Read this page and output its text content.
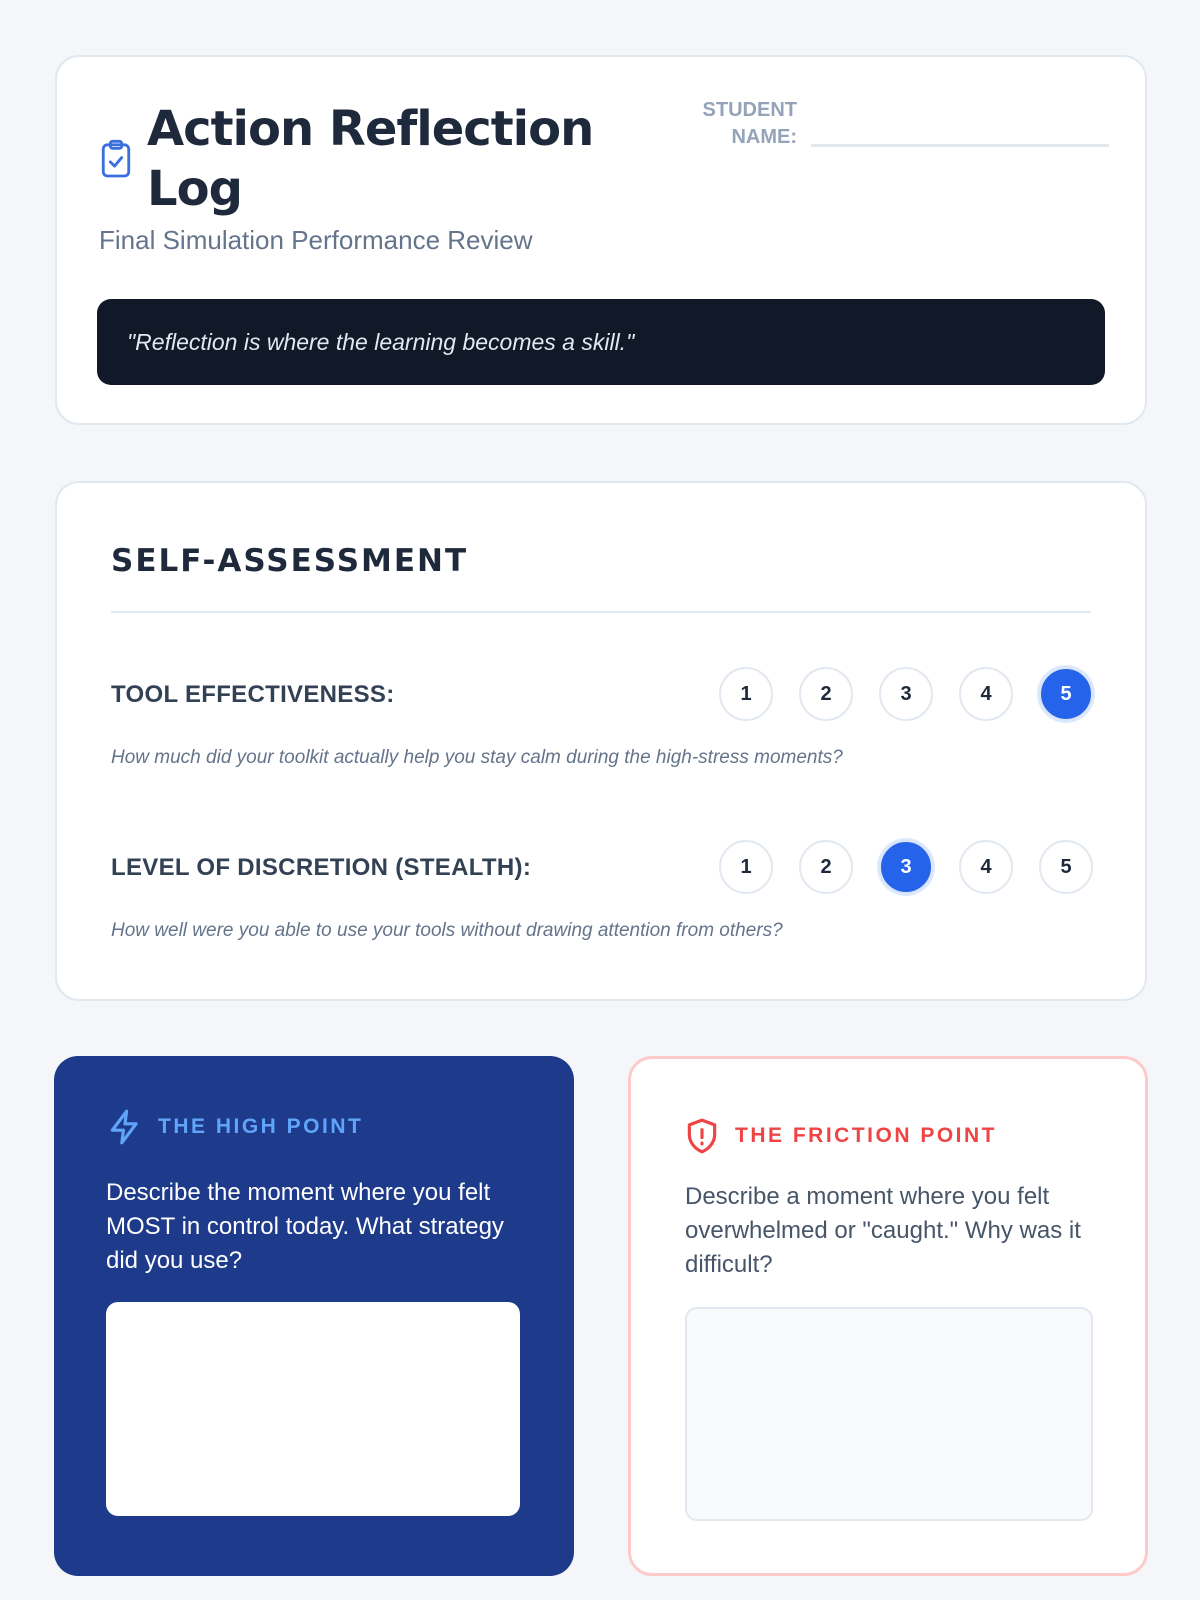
Action Reflection Log
Final Simulation Performance Review
STUDENT NAME:
"Reflection is where the learning becomes a skill."
SELF-ASSESSMENT
TOOL EFFECTIVENESS:	1	2	3	4	5
How much did your toolkit actually help you stay calm during the high-stress moments?
LEVEL OF DISCRETION (STEALTH):	1	2	3	4	5
How well were you able to use your tools without drawing attention from others?
THE HIGH POINT
Describe the moment where you felt MOST in control today. What strategy did you use?
THE FRICTION POINT
Describe a moment where you felt overwhelmed or "caught." Why was it difficult?
